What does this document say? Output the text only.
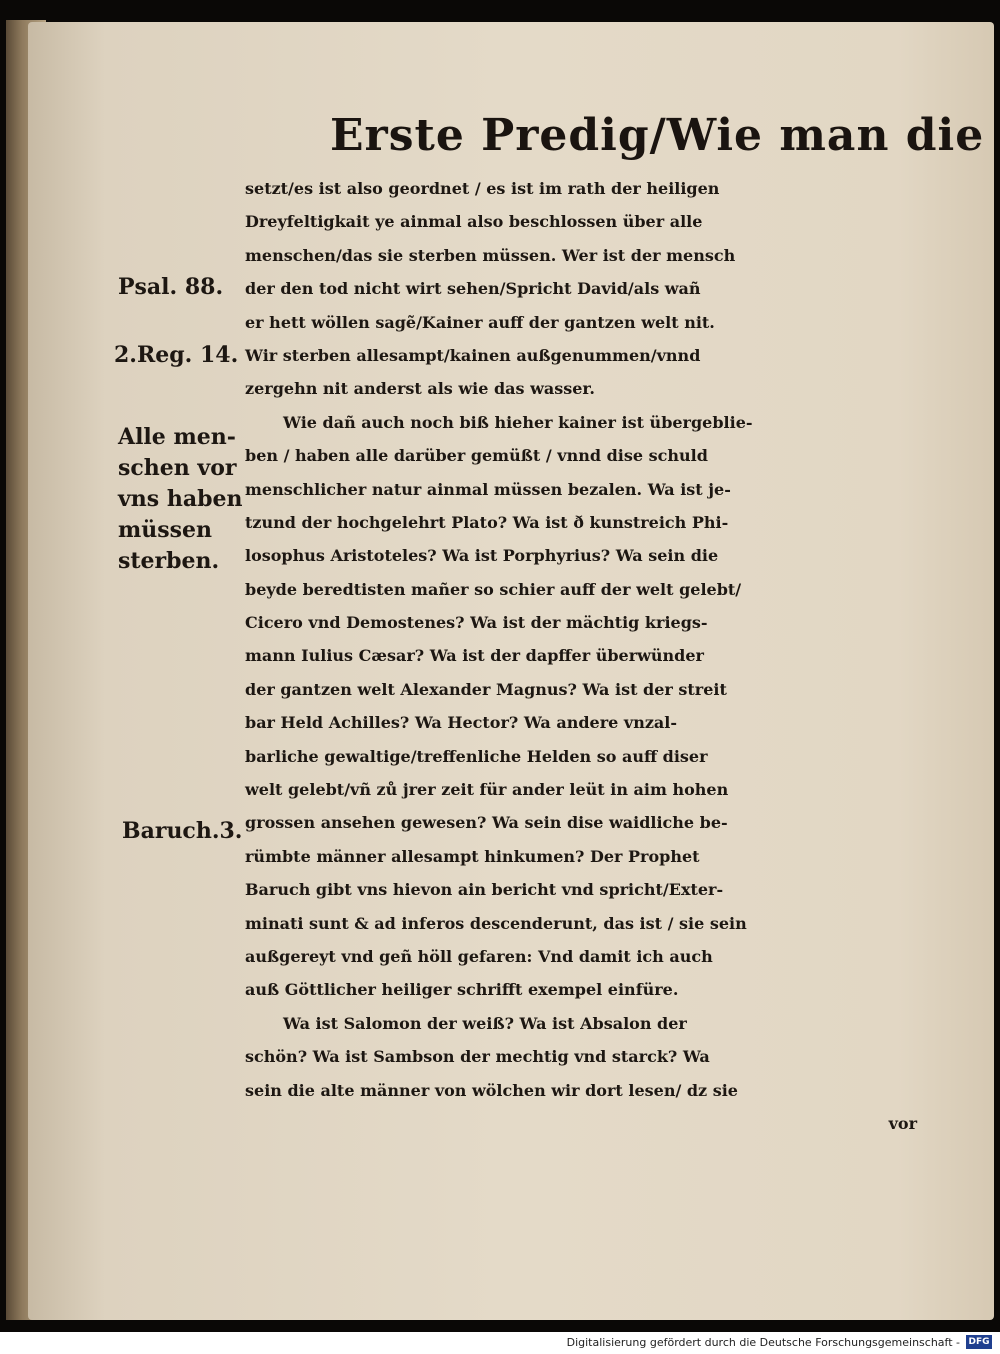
Erste Predig/Wie man die
setzt/es ist also geordnet / es ist im rath der heiligen
Dreyfeltigkait ye ainmal also beschlossen über alle
menschen/das sie sterben müssen. Wer ist der mensch
der den tod nicht wirt sehen/Spricht David/als wañ
er hett wöllen sagẽ/Kainer auff der gantzen welt nit.
Wir sterben allesampt/kainen außgenummen/vnnd
zergehn nit anderst als wie das wasser.
Wie dañ auch noch biß hieher kainer ist übergeblie-
ben / haben alle darüber gemüßt / vnnd dise schuld
menschlicher natur ainmal müssen bezalen. Wa ist je-
tzund der hochgelehrt Plato? Wa ist ð kunstreich Phi-
losophus Aristoteles? Wa ist Porphyrius? Wa sein die
beyde beredtisten mañer so schier auff der welt gelebt/
Cicero vnd Demostenes? Wa ist der mächtig kriegs-
mann Iulius Cæsar? Wa ist der dapffer überwünder
der gantzen welt Alexander Magnus? Wa ist der streit
bar Held Achilles? Wa Hector? Wa andere vnzal-
barliche gewaltige/treffenliche Helden so auff diser
welt gelebt/vñ zů jrer zeit für ander leüt in aim hohen
grossen ansehen gewesen? Wa sein dise waidliche be-
rümbte männer allesampt hinkumen? Der Prophet
Baruch gibt vns hievon ain bericht vnd spricht/Exter-
minati sunt & ad inferos descenderunt, das ist / sie sein
außgereyt vnd geñ höll gefaren: Vnd damit ich auch
auß Göttlicher heiliger schrifft exempel einfüre.
Wa ist Salomon der weiß? Wa ist Absalon der
schön? Wa ist Sambson der mechtig vnd starck? Wa
sein die alte männer von wölchen wir dort lesen/ dz sie
vor
Psal. 88.
2.Reg. 14.
Alle men-
schen vor
vns haben
müssen
sterben.
Baruch.3.
Digitalisierung gefördert durch die Deutsche Forschungsgemeinschaft - DFG
